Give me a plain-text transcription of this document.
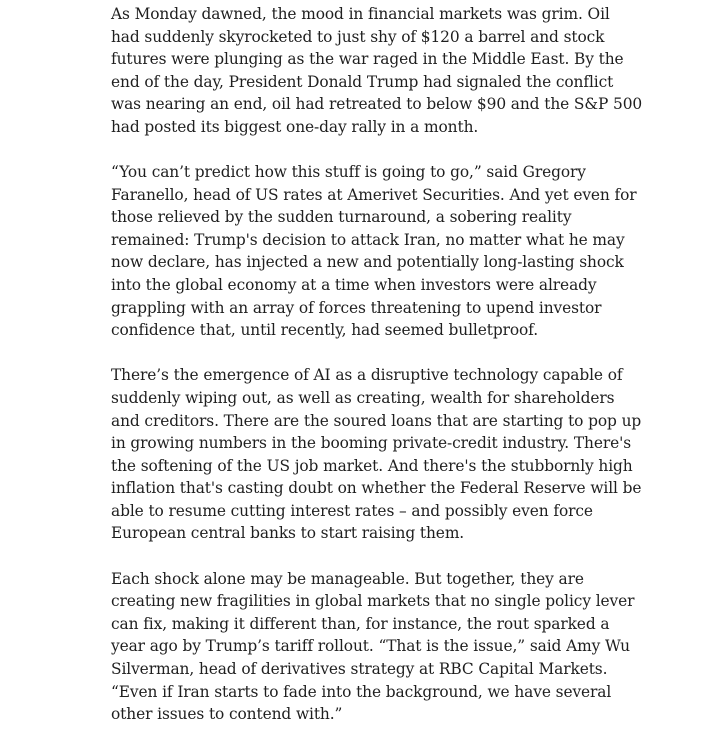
As Monday dawned, the mood in financial markets was grim. Oil
had suddenly skyrocketed to just shy of $120 a barrel and stock
futures were plunging as the war raged in the Middle East. By the
end of the day, President Donald Trump had signaled the conflict
was nearing an end, oil had retreated to below $90 and the S&P 500
had posted its biggest one-day rally in a month.

“You can’t predict how this stuff is going to go,” said Gregory
Faranello, head of US rates at Amerivet Securities. And yet even for
those relieved by the sudden turnaround, a sobering reality
remained: Trump's decision to attack Iran, no matter what he may
now declare, has injected a new and potentially long-lasting shock
into the global economy at a time when investors were already
grappling with an array of forces threatening to upend investor
confidence that, until recently, had seemed bulletproof.

There’s the emergence of AI as a disruptive technology capable of
suddenly wiping out, as well as creating, wealth for shareholders
and creditors. There are the soured loans that are starting to pop up
in growing numbers in the booming private-credit industry. There's
the softening of the US job market. And there's the stubbornly high
inflation that's casting doubt on whether the Federal Reserve will be
able to resume cutting interest rates – and possibly even force
European central banks to start raising them.

Each shock alone may be manageable. But together, they are
creating new fragilities in global markets that no single policy lever
can fix, making it different than, for instance, the rout sparked a
year ago by Trump’s tariff rollout. “That is the issue,” said Amy Wu
Silverman, head of derivatives strategy at RBC Capital Markets.
“Even if Iran starts to fade into the background, we have several
other issues to contend with.”
